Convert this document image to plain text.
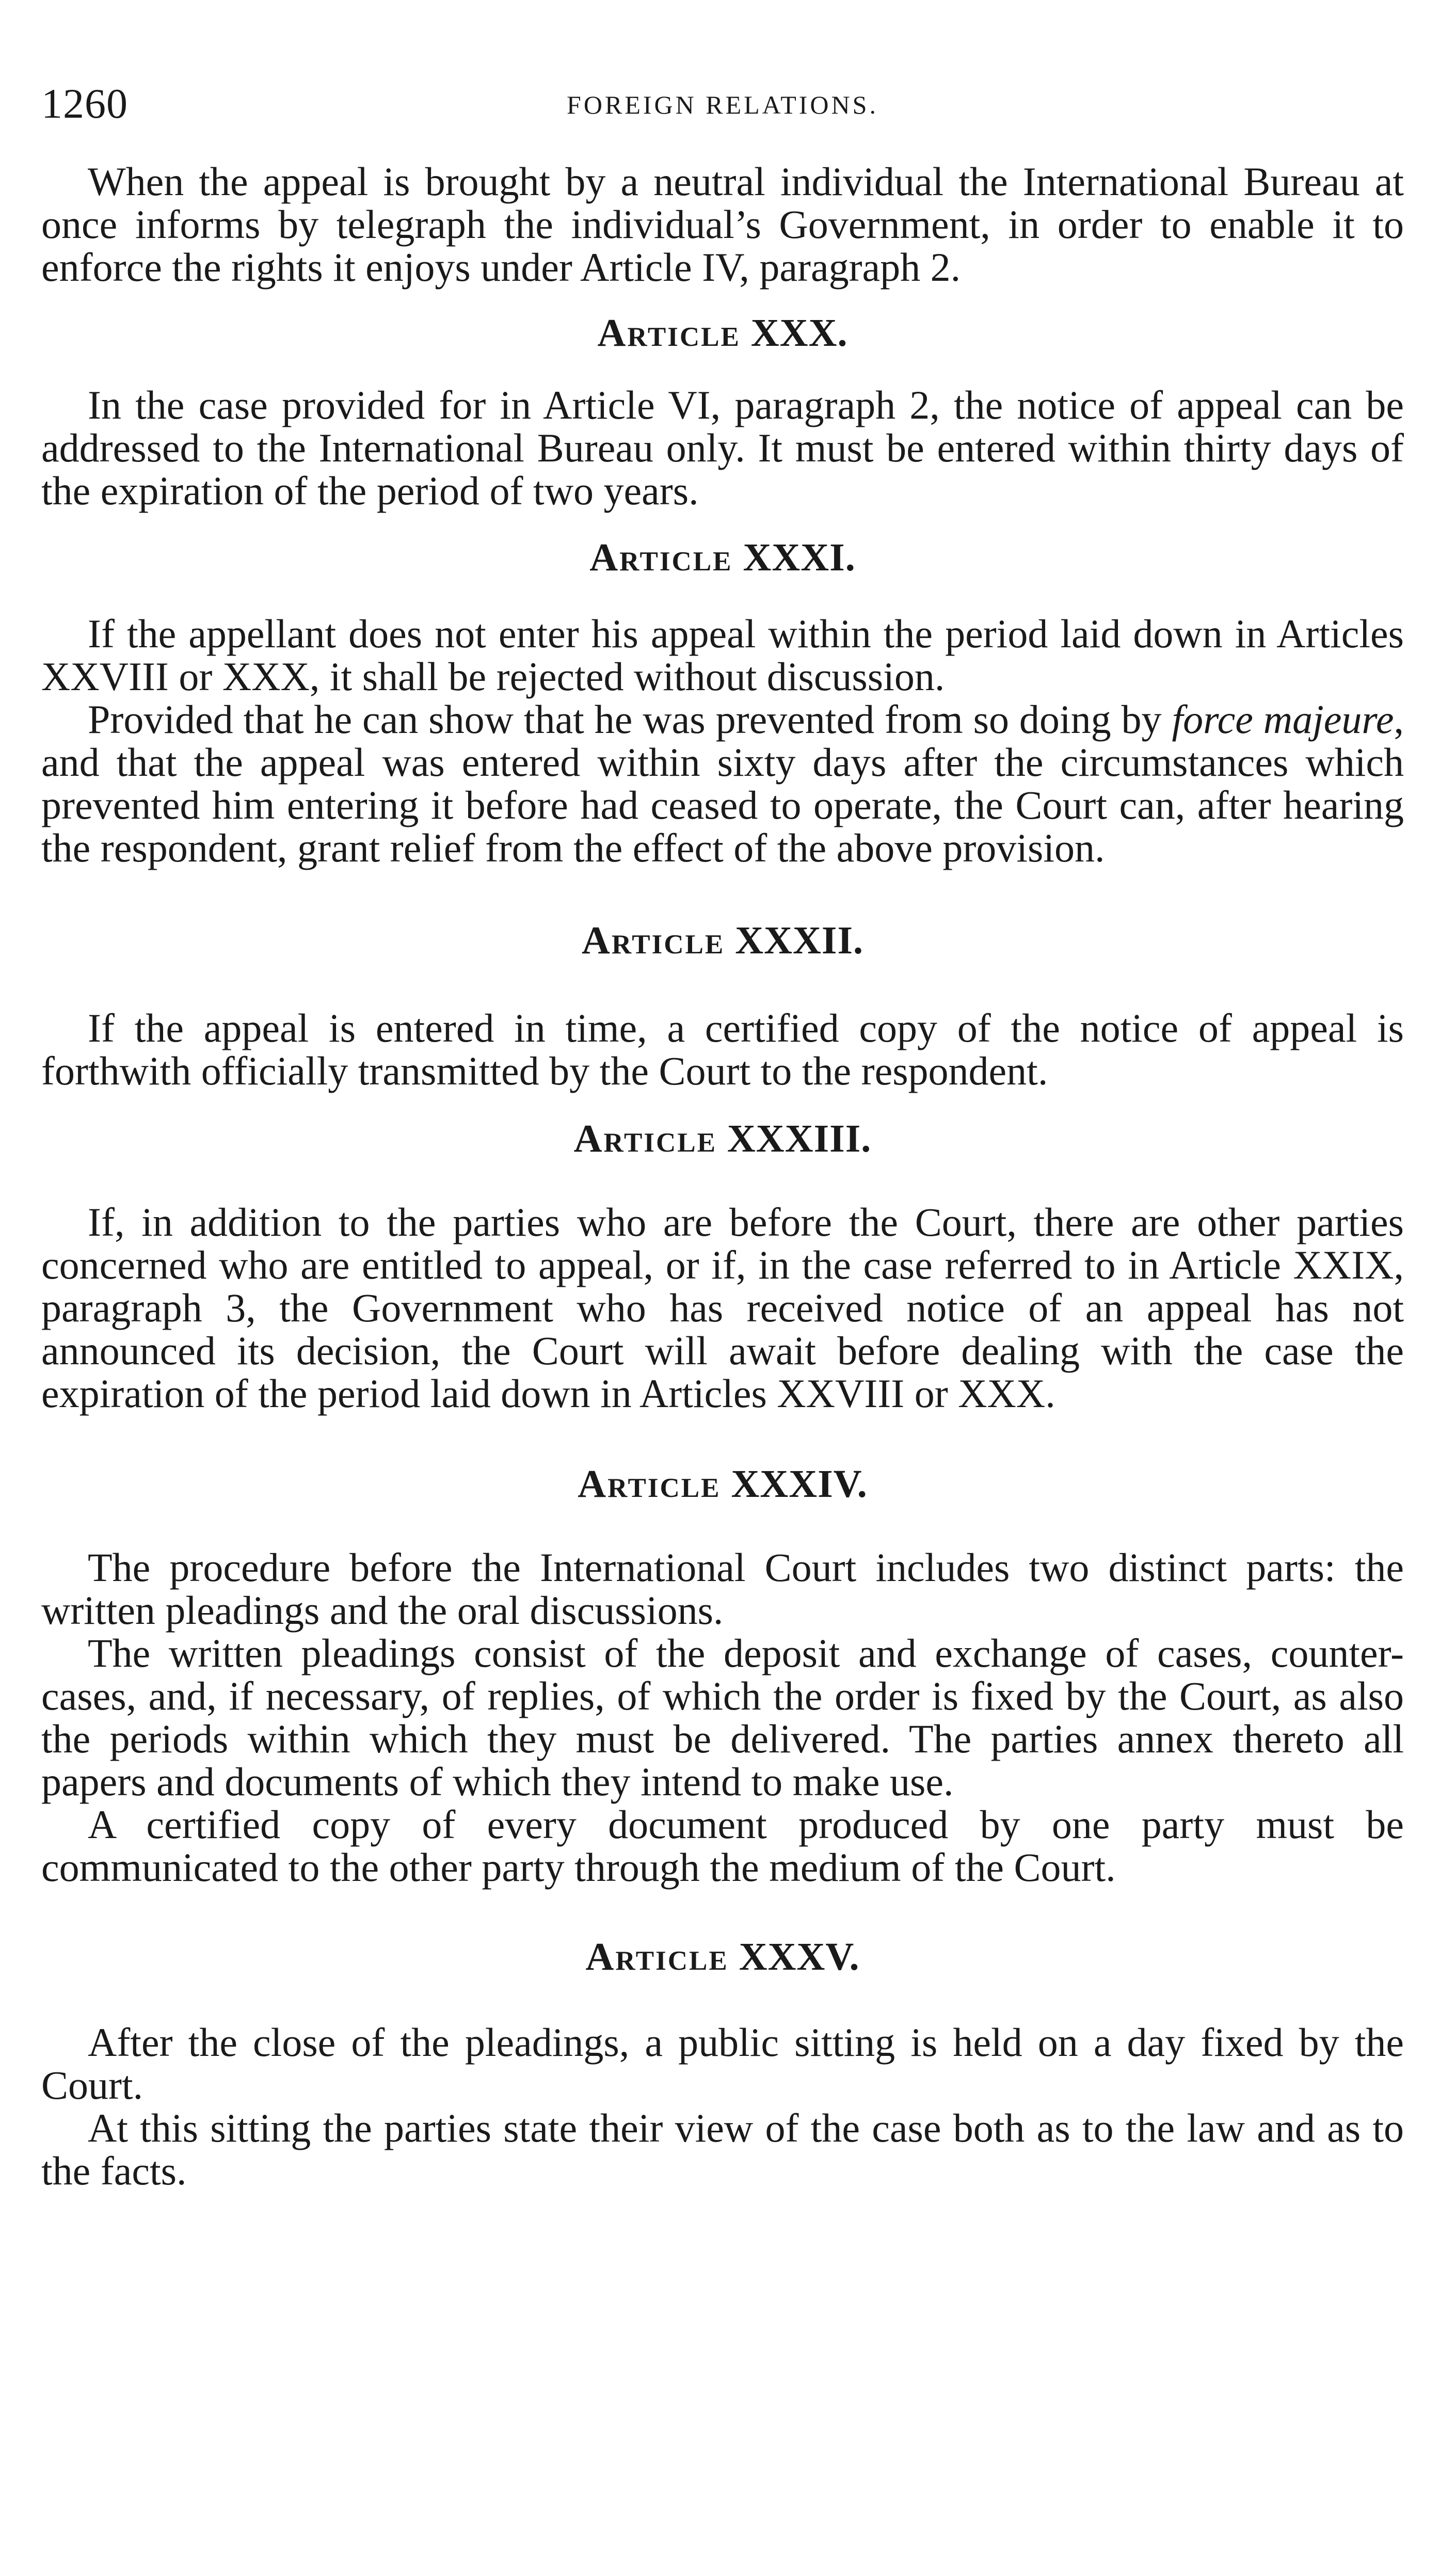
1260	FOREIGN RELATIONS.

When the appeal is brought by a neutral individual the International Bureau at once informs by telegraph the individual’s Government, in order to enable it to enforce the rights it enjoys under Article IV, paragraph 2.

Article XXX.

In the case provided for in Article VI, paragraph 2, the notice of appeal can be addressed to the International Bureau only. It must be entered within thirty days of the expiration of the period of two years.

Article XXXI.

If the appellant does not enter his appeal within the period laid down in Articles XXVIII or XXX, it shall be rejected without discussion.

Provided that he can show that he was prevented from so doing by force majeure, and that the appeal was entered within sixty days after the circumstances which prevented him entering it before had ceased to operate, the Court can, after hearing the respondent, grant relief from the effect of the above provision.

Article XXXII.

If the appeal is entered in time, a certified copy of the notice of appeal is forthwith officially transmitted by the Court to the respondent.

Article XXXIII.

If, in addition to the parties who are before the Court, there are other parties concerned who are entitled to appeal, or if, in the case referred to in Article XXIX, paragraph 3, the Government who has received notice of an appeal has not announced its decision, the Court will await before dealing with the case the expiration of the period laid down in Articles XXVIII or XXX.

Article XXXIV.

The procedure before the International Court includes two distinct parts: the written pleadings and the oral discussions.

The written pleadings consist of the deposit and exchange of cases, counter-cases, and, if necessary, of replies, of which the order is fixed by the Court, as also the periods within which they must be delivered. The parties annex thereto all papers and documents of which they intend to make use.

A certified copy of every document produced by one party must be communicated to the other party through the medium of the Court.

Article XXXV.

After the close of the pleadings, a public sitting is held on a day fixed by the Court.

At this sitting the parties state their view of the case both as to the law and as to the facts.
